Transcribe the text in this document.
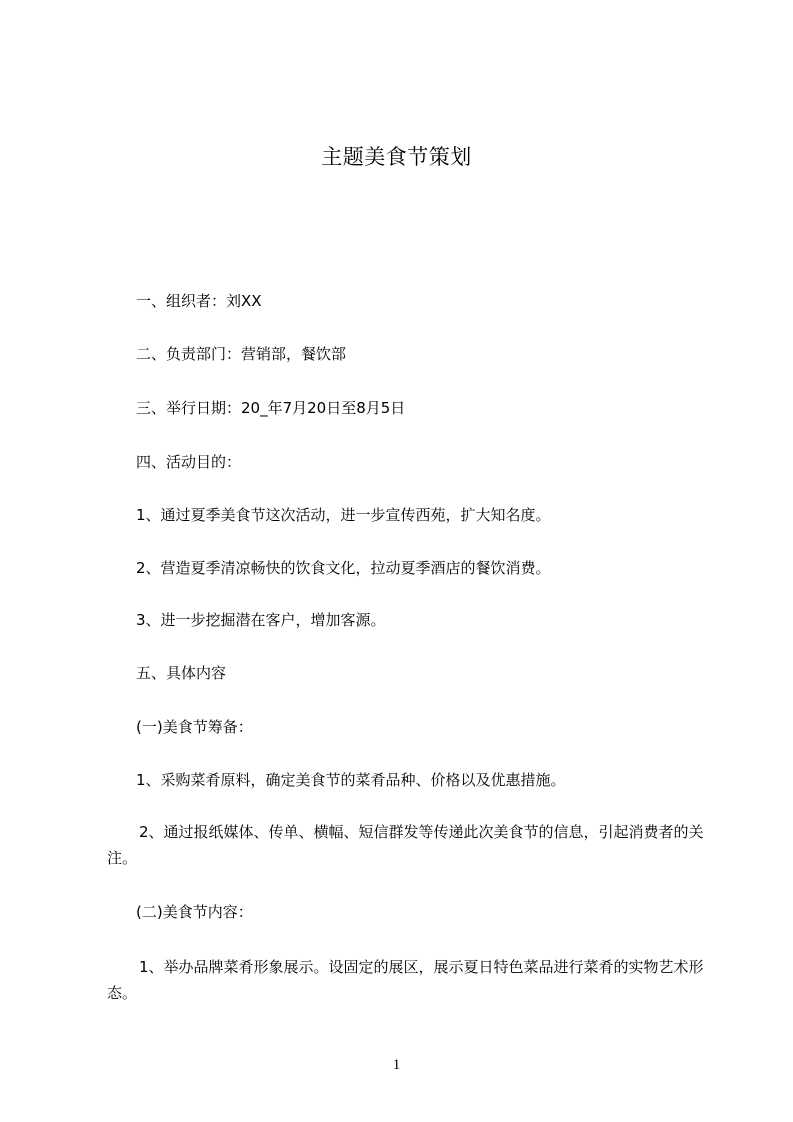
主题美食节策划

一、组织者：刘XX

二、负责部门：营销部，餐饮部

三、举行日期：20_年7月20日至8月5日

四、活动目的：

1、通过夏季美食节这次活动，进一步宣传西苑，扩大知名度。

2、营造夏季清凉畅快的饮食文化，拉动夏季酒店的餐饮消费。

3、进一步挖掘潜在客户，增加客源。

五、具体内容

(一)美食节筹备：

1、采购菜肴原料，确定美食节的菜肴品种、价格以及优惠措施。

2、通过报纸媒体、传单、横幅、短信群发等传递此次美食节的信息，引起消费者的关注。

(二)美食节内容：

1、举办品牌菜肴形象展示。设固定的展区，展示夏日特色菜品进行菜肴的实物艺术形态。

1
